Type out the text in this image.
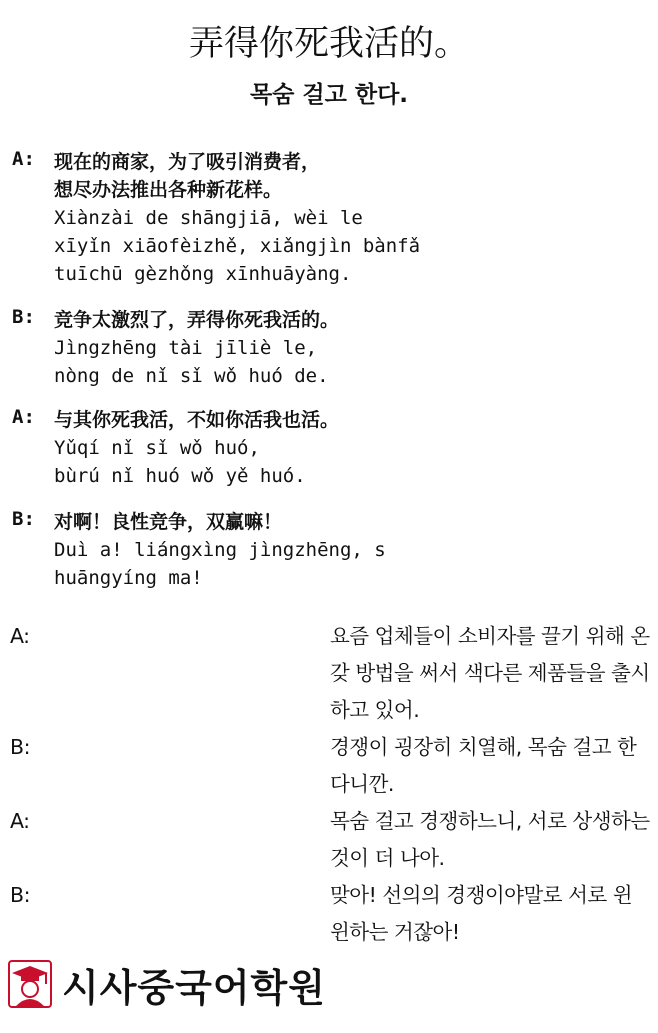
弄得你死我活的。
목숨 걸고 한다.
A:	现在的商家，为了吸引消费者，
想尽办法推出各种新花样。
Xiànzài de shāngjiā, wèi le
xīyǐn xiāofèizhě, xiǎngjìn bànfǎ
tuīchū gèzhǒng xīnhuāyàng.
B:	竞争太激烈了，弄得你死我活的。
Jìngzhēng tài jīliè le,
nòng de nǐ sǐ wǒ huó de.
A:	与其你死我活，不如你活我也活。
Yǔqí nǐ sǐ wǒ huó,
bùrú nǐ huó wǒ yě huó.
B:	对啊！良性竞争，双赢嘛！
Duì a! liángxìng jìngzhēng, s
huāngyíng ma!
A:	요즘 업체들이 소비자를 끌기 위해 온갖 방법을 써서 색다른 제품들을 출시하고 있어.
B:	경쟁이 굉장히 치열해, 목숨 걸고 한다니깐.
A:	목숨 걸고 경쟁하느니, 서로 상생하는 것이 더 나아.
B:	맞아! 선의의 경쟁이야말로 서로 윈윈하는 거잖아!
시사중국어학원
